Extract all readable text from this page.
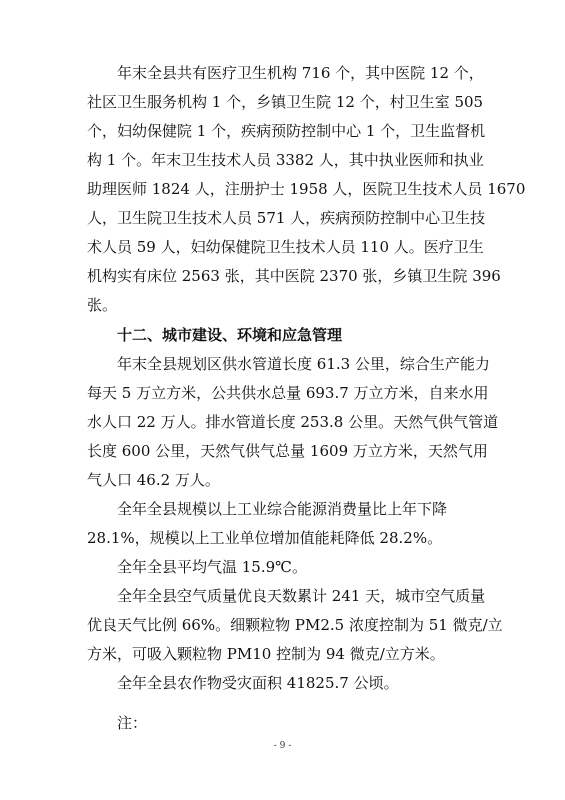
年末全县共有医疗卫生机构 716 个，其中医院 12 个，
社区卫生服务机构 1 个，乡镇卫生院 12 个，村卫生室 505
个，妇幼保健院 1 个，疾病预防控制中心 1 个，卫生监督机
构 1 个。年末卫生技术人员 3382 人，其中执业医师和执业
助理医师 1824 人，注册护士 1958 人，医院卫生技术人员 1670
人，卫生院卫生技术人员 571 人，疾病预防控制中心卫生技
术人员 59 人，妇幼保健院卫生技术人员 110 人。医疗卫生
机构实有床位 2563 张，其中医院 2370 张，乡镇卫生院 396
张。
十二、城市建设、环境和应急管理
年末全县规划区供水管道长度 61.3 公里，综合生产能力
每天 5 万立方米，公共供水总量 693.7 万立方米，自来水用
水人口 22 万人。排水管道长度 253.8 公里。天然气供气管道
长度 600 公里，天然气供气总量 1609 万立方米，天然气用
气人口 46.2 万人。
全年全县规模以上工业综合能源消费量比上年下降
28.1%，规模以上工业单位增加值能耗降低 28.2%。
全年全县平均气温 15.9℃。
全年全县空气质量优良天数累计 241 天，城市空气质量
优良天气比例 66%。细颗粒物 PM2.5 浓度控制为 51 微克/立
方米，可吸入颗粒物 PM10 控制为 94 微克/立方米。
全年全县农作物受灾面积 41825.7 公顷。
注：
- 9 -
